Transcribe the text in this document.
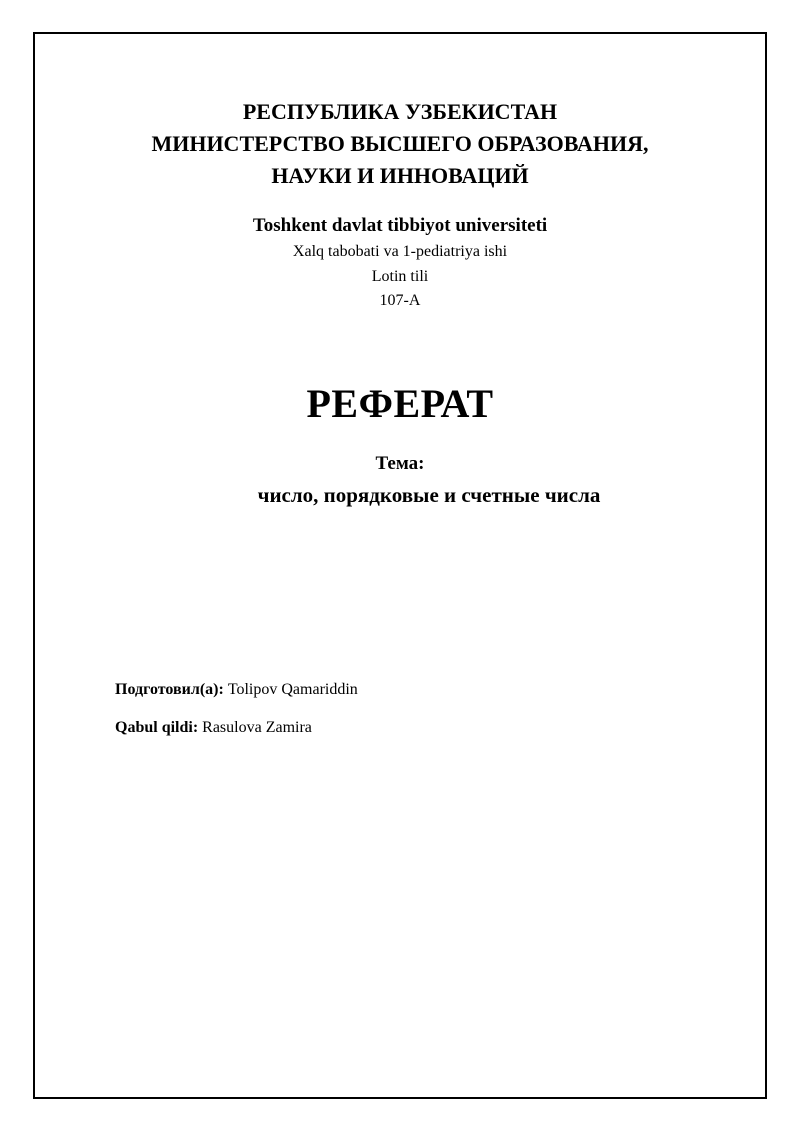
РЕСПУБЛИКА УЗБЕКИСТАН
МИНИСТЕРСТВО ВЫСШЕГО ОБРАЗОВАНИЯ,
НАУКИ И ИННОВАЦИЙ
Toshkent davlat tibbiyot universiteti
Xalq tabobati va 1-pediatriya ishi
Lotin tili
107-A
РЕФЕРАТ
Тема:
число, порядковые и счетные числа
Подготовил(а): Tolipov Qamariddin
Qabul qildi: Rasulova Zamira
